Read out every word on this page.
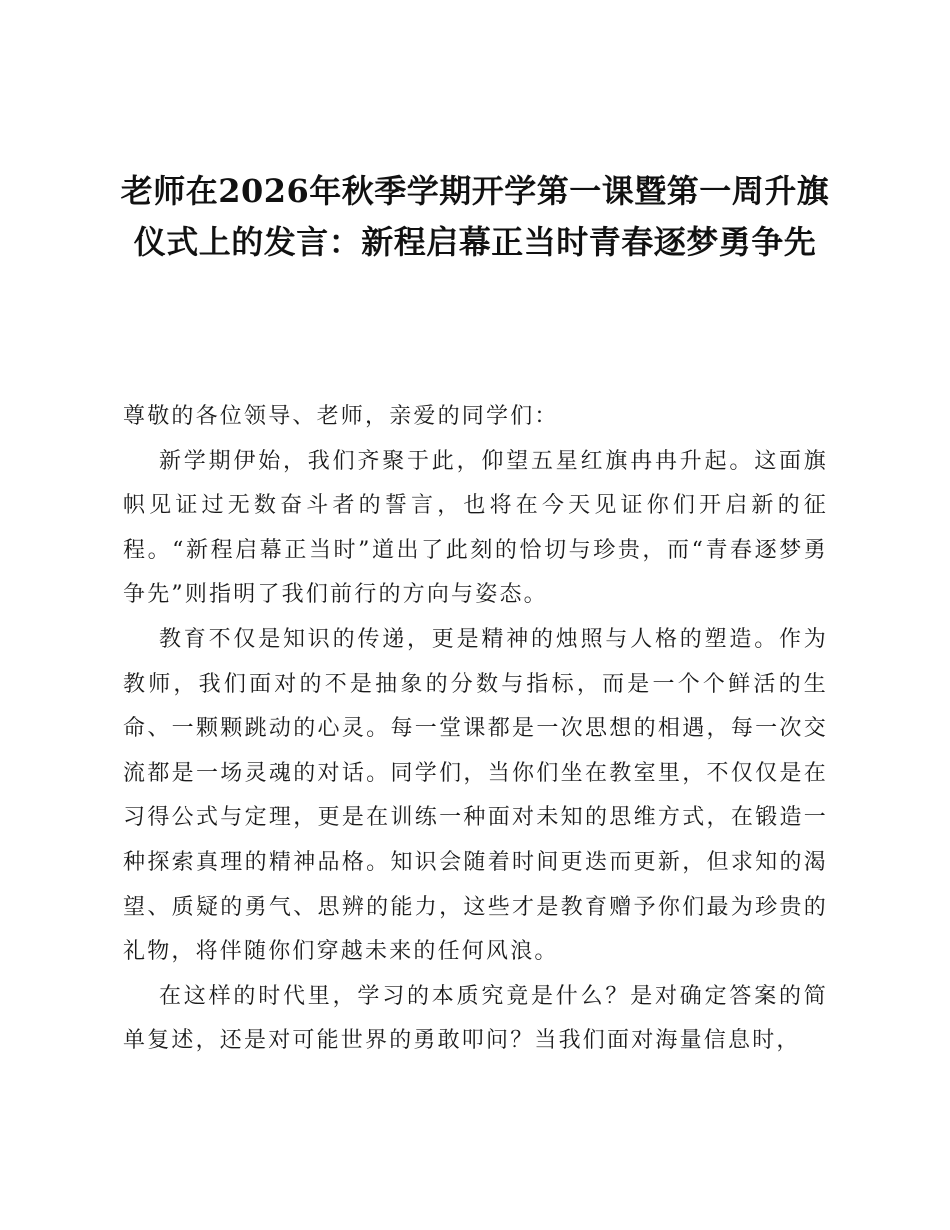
老师在2026年秋季学期开学第一课暨第一周升旗仪式上的发言：新程启幕正当时青春逐梦勇争先

尊敬的各位领导、老师，亲爱的同学们：

新学期伊始，我们齐聚于此，仰望五星红旗冉冉升起。这面旗帜见证过无数奋斗者的誓言，也将在今天见证你们开启新的征程。“新程启幕正当时”道出了此刻的恰切与珍贵，而“青春逐梦勇争先”则指明了我们前行的方向与姿态。

教育不仅是知识的传递，更是精神的烛照与人格的塑造。作为教师，我们面对的不是抽象的分数与指标，而是一个个鲜活的生命、一颗颗跳动的心灵。每一堂课都是一次思想的相遇，每一次交流都是一场灵魂的对话。同学们，当你们坐在教室里，不仅仅是在习得公式与定理，更是在训练一种面对未知的思维方式，在锻造一种探索真理的精神品格。知识会随着时间更迭而更新，但求知的渴望、质疑的勇气、思辨的能力，这些才是教育赠予你们最为珍贵的礼物，将伴随你们穿越未来的任何风浪。

在这样的时代里，学习的本质究竟是什么？是对确定答案的简单复述，还是对可能世界的勇敢叩问？当我们面对海量信息时，
